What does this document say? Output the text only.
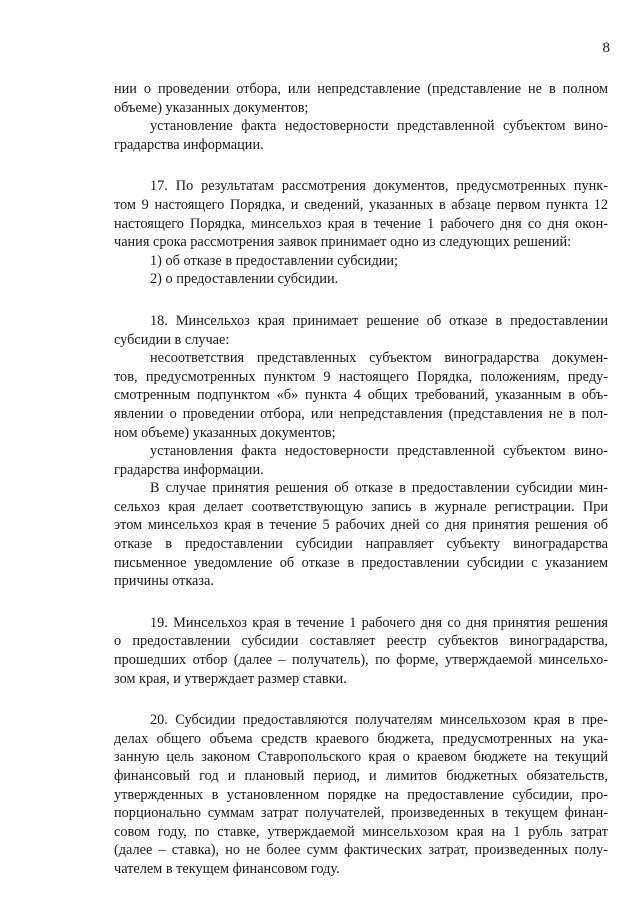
8
нии о проведении отбора, или непредставление (представление не в полном
объеме) указанных документов;
установление факта недостоверности представленной субъектом вино-
градарства информации.
17. По результатам рассмотрения документов, предусмотренных пунк-
том 9 настоящего Порядка, и сведений, указанных в абзаце первом пункта 12
настоящего Порядка, минсельхоз края в течение 1 рабочего дня со дня окон-
чания срока рассмотрения заявок принимает одно из следующих решений:
1) об отказе в предоставлении субсидии;
2) о предоставлении субсидии.
18. Минсельхоз края принимает решение об отказе в предоставлении
субсидии в случае:
несоответствия представленных субъектом виноградарства докумен-
тов, предусмотренных пунктом 9 настоящего Порядка, положениям, преду-
смотренным подпунктом «б» пункта 4 общих требований, указанным в объ-
явлении о проведении отбора, или непредставления (представления не в пол-
ном объеме) указанных документов;
установления факта недостоверности представленной субъектом вино-
градарства информации.
В случае принятия решения об отказе в предоставлении субсидии мин-
сельхоз края делает соответствующую запись в журнале регистрации. При
этом минсельхоз края в течение 5 рабочих дней со дня принятия решения об
отказе в предоставлении субсидии направляет субъекту виноградарства
письменное уведомление об отказе в предоставлении субсидии с указанием
причины отказа.
19. Минсельхоз края в течение 1 рабочего дня со дня принятия решения
о предоставлении субсидии составляет реестр субъектов виноградарства,
прошедших отбор (далее – получатель), по форме, утверждаемой минсельхо-
зом края, и утверждает размер ставки.
20. Субсидии предоставляются получателям минсельхозом края в пре-
делах общего объема средств краевого бюджета, предусмотренных на ука-
занную цель законом Ставропольского края о краевом бюджете на текущий
финансовый год и плановый период, и лимитов бюджетных обязательств,
утвержденных в установленном порядке на предоставление субсидии, про-
порционально суммам затрат получателей, произведенных в текущем финан-
совом году, по ставке, утверждаемой минсельхозом края на 1 рубль затрат
(далее – ставка), но не более сумм фактических затрат, произведенных полу-
чателем в текущем финансовом году.
